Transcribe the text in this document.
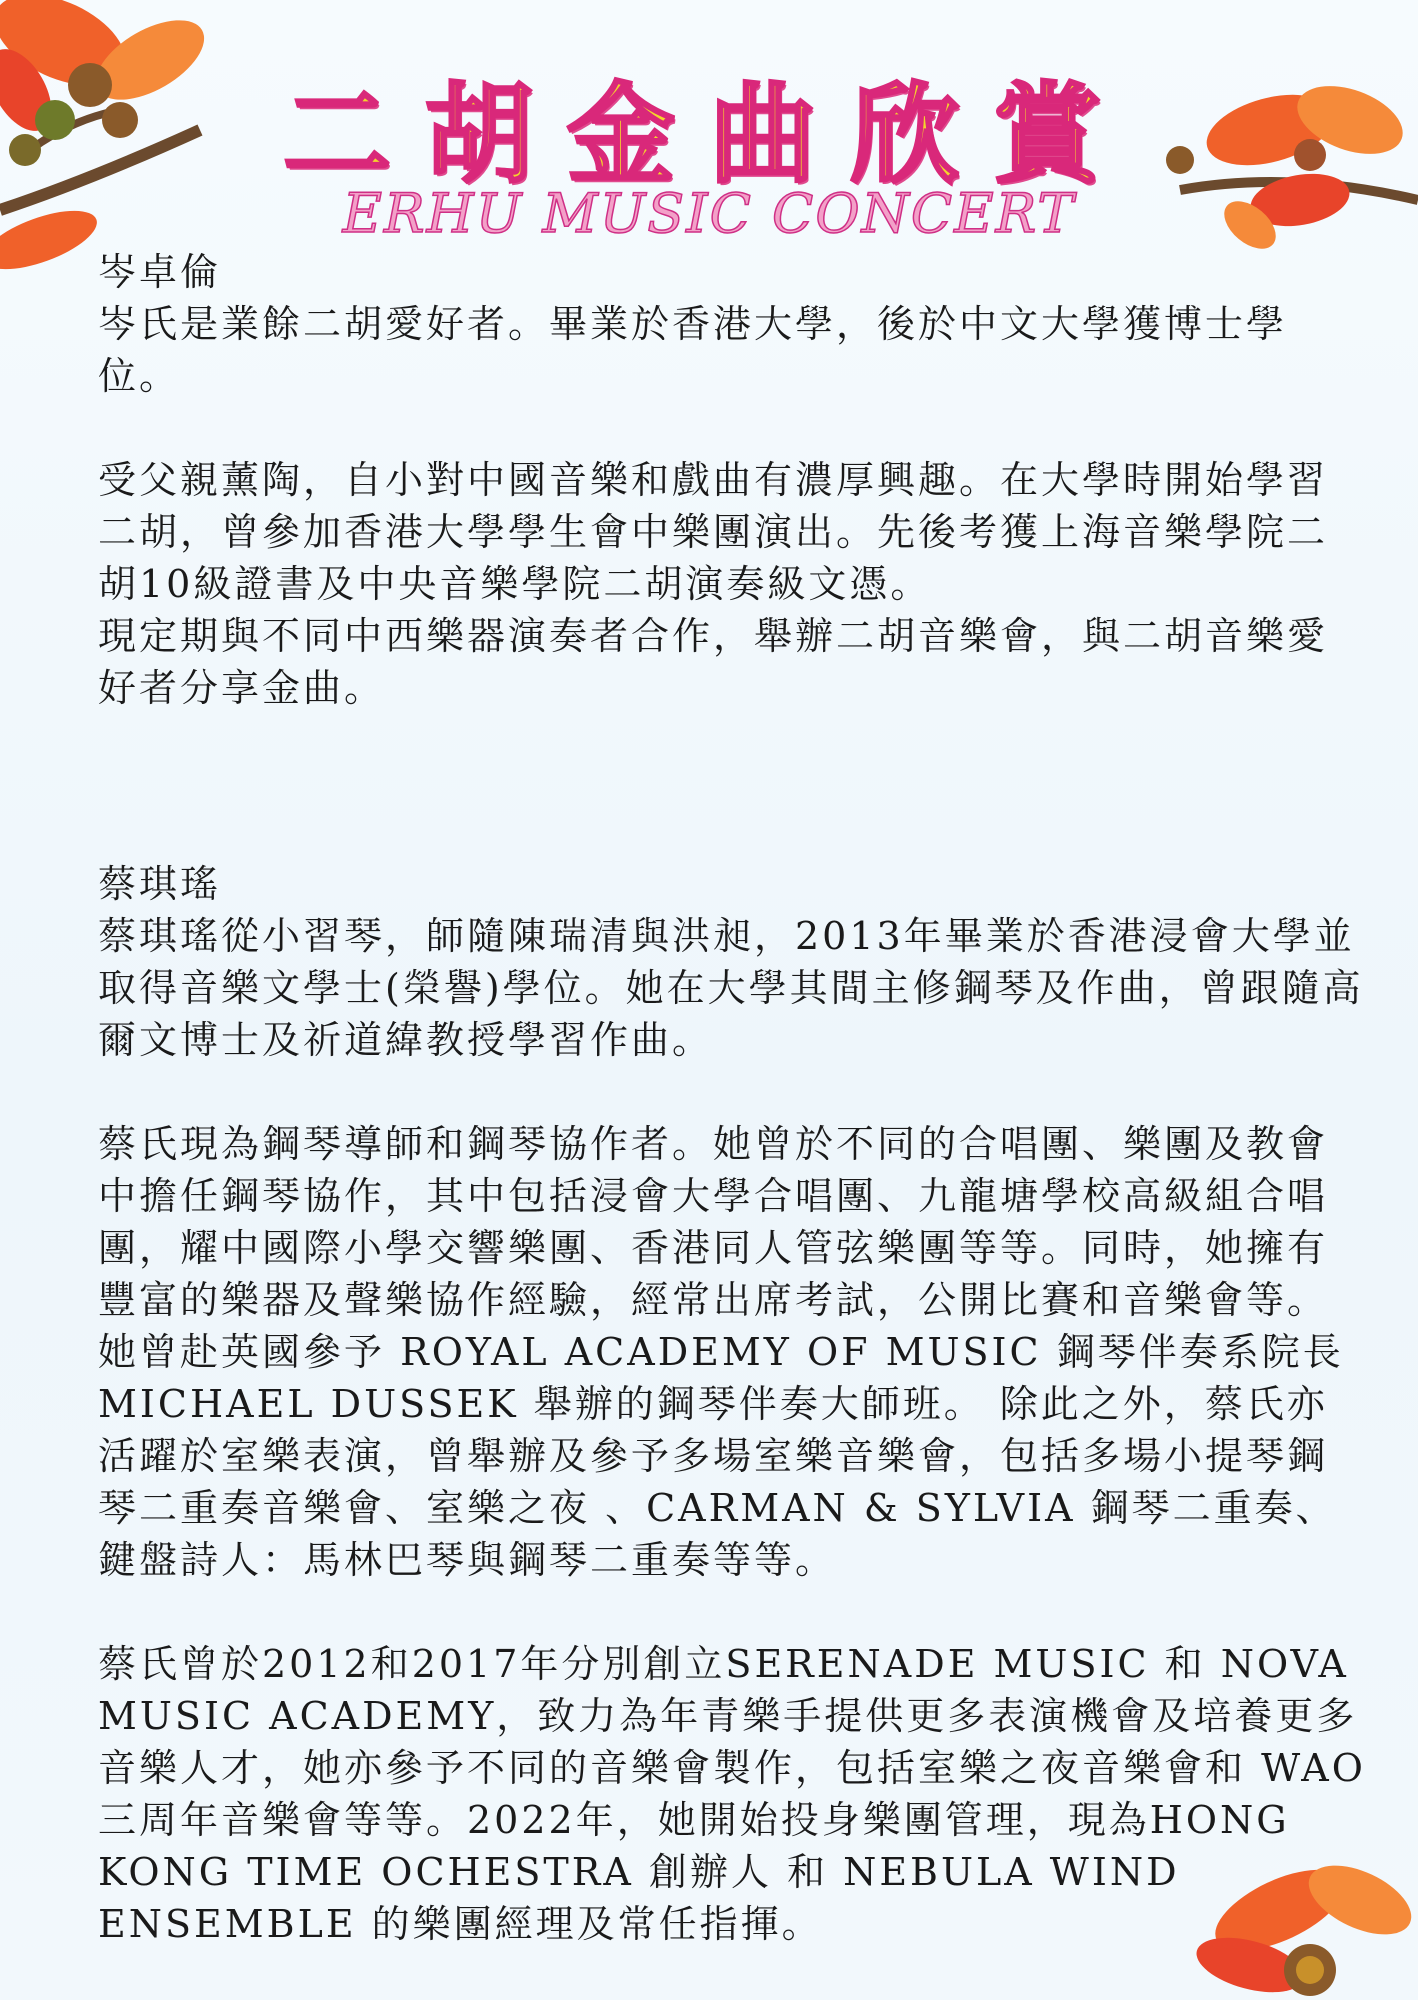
二胡金曲欣賞
ERHU MUSIC CONCERT

岑卓倫

岑氏是業餘二胡愛好者。畢業於香港大學，後於中文大學獲博士學位。

受父親薰陶，自小對中國音樂和戲曲有濃厚興趣。在大學時開始學習二胡，曾參加香港大學學生會中樂團演出。先後考獲上海音樂學院二胡10級證書及中央音樂學院二胡演奏級文憑。

現定期與不同中西樂器演奏者合作，舉辦二胡音樂會，與二胡音樂愛好者分享金曲。

蔡琪瑤

蔡琪瑤從小習琴，師隨陳瑞清與洪昶，2013年畢業於香港浸會大學並取得音樂文學士(榮譽)學位。她在大學其間主修鋼琴及作曲，曾跟隨高爾文博士及祈道緯教授學習作曲。

蔡氏現為鋼琴導師和鋼琴協作者。她曾於不同的合唱團、樂團及教會中擔任鋼琴協作，其中包括浸會大學合唱團、九龍塘學校高級組合唱團，耀中國際小學交響樂團、香港同人管弦樂團等等。同時，她擁有豐富的樂器及聲樂協作經驗，經常出席考試，公開比賽和音樂會等。她曾赴英國參予 ROYAL ACADEMY OF MUSIC 鋼琴伴奏系院長 MICHAEL DUSSEK 舉辦的鋼琴伴奏大師班。 除此之外，蔡氏亦活躍於室樂表演，曾舉辦及參予多場室樂音樂會，包括多場小提琴鋼琴二重奏音樂會、室樂之夜 、CARMAN & SYLVIA 鋼琴二重奏、鍵盤詩人：馬林巴琴與鋼琴二重奏等等。

蔡氏曾於2012和2017年分別創立SERENADE MUSIC 和 NOVA MUSIC ACADEMY，致力為年青樂手提供更多表演機會及培養更多音樂人才，她亦參予不同的音樂會製作，包括室樂之夜音樂會和 WAO 三周年音樂會等等。2022年，她開始投身樂團管理，現為HONG KONG TIME OCHESTRA 創辦人 和 NEBULA WIND ENSEMBLE 的樂團經理及常任指揮。
